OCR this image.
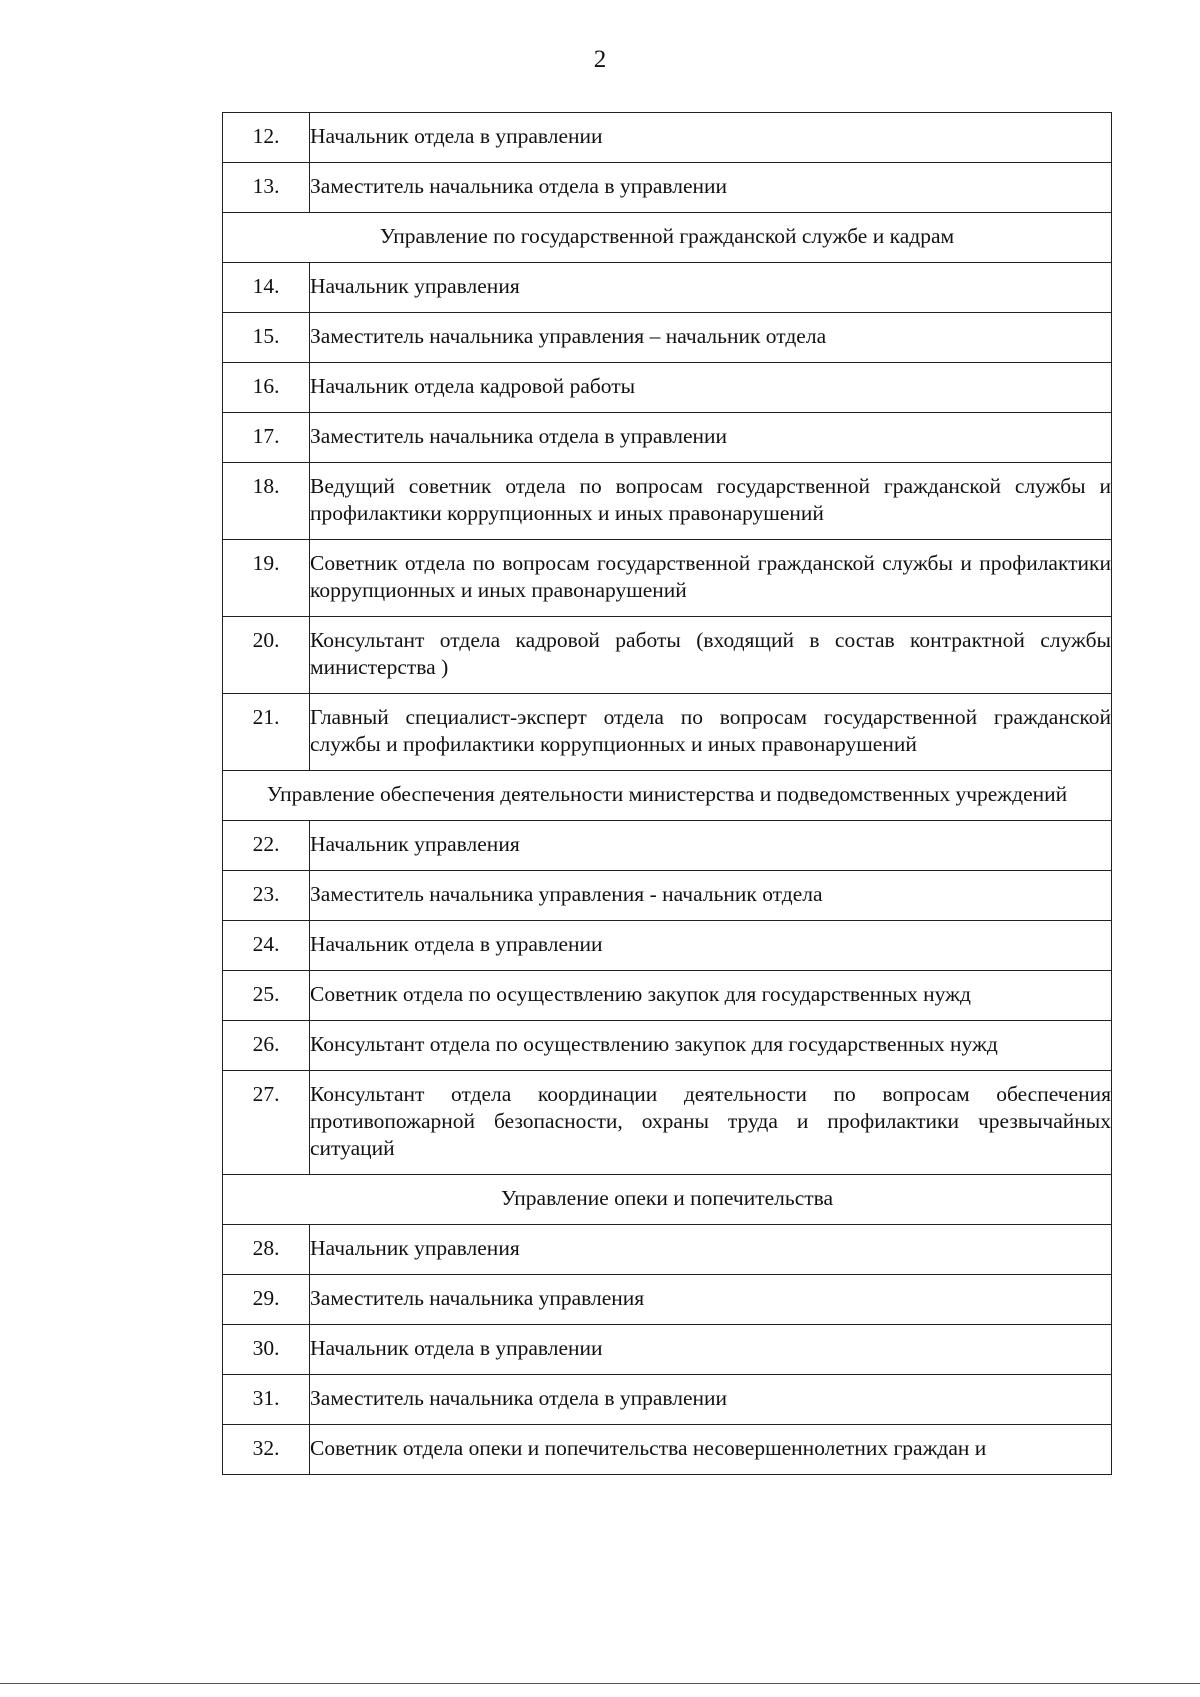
2
12.	Начальник отдела в управлении
13.	Заместитель начальника отдела в управлении
Управление по государственной гражданской службе и кадрам	
14.	Начальник управления
15.	Заместитель начальника управления – начальник отдела
16.	Начальник отдела кадровой работы
17.	Заместитель начальника отдела в управлении
18.	Ведущий советник отдела по вопросам государственной гражданской службы и профилактики коррупционных и иных правонарушений
19.	Советник отдела по вопросам государственной гражданской службы и профилактики коррупционных и иных правонарушений
20.	Консультант отдела кадровой работы (входящий в состав контрактной службы министерства )
21.	Главный специалист-эксперт отдела по вопросам государственной гражданской службы и профилактики коррупционных и иных правонарушений
Управление обеспечения деятельности министерства и подведомственных учреждений	
22.	Начальник управления
23.	Заместитель начальника управления - начальник отдела
24.	Начальник отдела в управлении
25.	Советник отдела по осуществлению закупок для государственных нужд
26.	Консультант отдела по осуществлению закупок для государственных нужд
27.	Консультант отдела координации деятельности по вопросам обеспечения противопожарной безопасности, охраны труда и профилактики чрезвычайных ситуаций
Управление опеки и попечительства	
28.	Начальник управления
29.	Заместитель начальника управления
30.	Начальник отдела в управлении
31.	Заместитель начальника отдела в управлении
32.	Советник отдела опеки и попечительства несовершеннолетних граждан и
